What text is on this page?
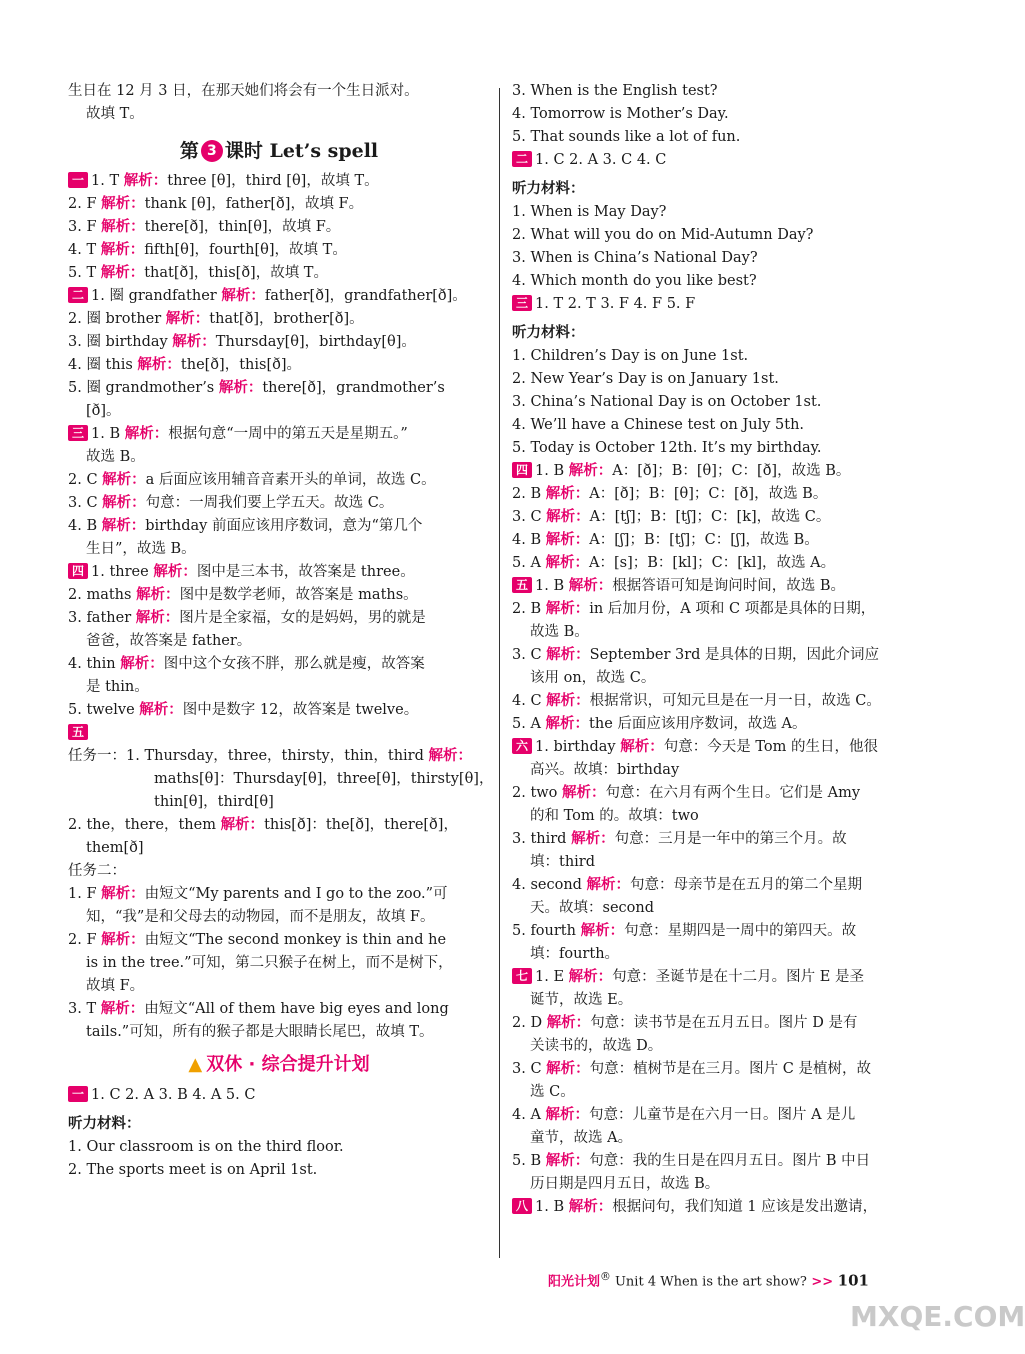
生日在 12 月 3 日，在那天她们将会有一个生日派对。
故填 T。
第 3 课时 Let’s spell
一 1. T 解析：three [θ]，third [θ]，故填 T。
2. F 解析：thank [θ]，father[ð]，故填 F。
3. F 解析：there[ð]，thin[θ]，故填 F。
4. T 解析：fifth[θ]，fourth[θ]，故填 T。
5. T 解析：that[ð]，this[ð]，故填 T。
二 1. 圈 grandfather 解析：father[ð]，grandfather[ð]。
2. 圈 brother 解析：that[ð]，brother[ð]。
3. 圈 birthday 解析：Thursday[θ]，birthday[θ]。
4. 圈 this 解析：the[ð]，this[ð]。
5. 圈 grandmother’s 解析：there[ð]，grandmother’s
[ð]。
三 1. B 解析：根据句意“一周中的第五天是星期五。”
故选 B。
2. C 解析：a 后面应该用辅音音素开头的单词，故选 C。
3. C 解析：句意：一周我们要上学五天。故选 C。
4. B 解析：birthday 前面应该用序数词，意为“第几个
生日”，故选 B。
四 1. three 解析：图中是三本书，故答案是 three。
2. maths 解析：图中是数学老师，故答案是 maths。
3. father 解析：图片是全家福，女的是妈妈，男的就是
爸爸，故答案是 father。
4. thin 解析：图中这个女孩不胖，那么就是瘦，故答案
是 thin。
5. twelve 解析：图中是数字 12，故答案是 twelve。
五
任务一：1. Thursday，three，thirsty，thin，third 解析：
maths[θ]：Thursday[θ]，three[θ]，thirsty[θ]，
thin[θ]，third[θ]
2. the，there，them 解析：this[ð]：the[ð]，there[ð]，
them[ð]
任务二：
1. F 解析：由短文“My parents and I go to the zoo.”可
知，“我”是和父母去的动物园，而不是朋友，故填 F。
2. F 解析：由短文“The second monkey is thin and he
is in the tree.”可知，第二只猴子在树上，而不是树下，
故填 F。
3. T 解析：由短文“All of them have big eyes and long
tails.”可知，所有的猴子都是大眼睛长尾巴，故填 T。
▲ 双休 · 综合提升计划
一 1. C 2. A 3. B 4. A 5. C
听力材料：
1. Our classroom is on the third floor.
2. The sports meet is on April 1st.
3. When is the English test?
4. Tomorrow is Mother’s Day.
5. That sounds like a lot of fun.
二 1. C 2. A 3. C 4. C
听力材料：
1. When is May Day?
2. What will you do on Mid-Autumn Day?
3. When is China’s National Day?
4. Which month do you like best?
三 1. T 2. T 3. F 4. F 5. F
听力材料：
1. Children’s Day is on June 1st.
2. New Year’s Day is on January 1st.
3. China’s National Day is on October 1st.
4. We’ll have a Chinese test on July 5th.
5. Today is October 12th. It’s my birthday.
四 1. B 解析：A：[ð]；B：[θ]；C：[ð]，故选 B。
2. B 解析：A：[ð]；B：[θ]；C：[ð]，故选 B。
3. C 解析：A：[tʃ]；B：[tʃ]；C：[k]，故选 C。
4. B 解析：A：[ʃ]；B：[tʃ]；C：[ʃ]，故选 B。
5. A 解析：A：[s]；B：[kl]；C：[kl]，故选 A。
五 1. B 解析：根据答语可知是询问时间，故选 B。
2. B 解析：in 后加月份，A 项和 C 项都是具体的日期，
故选 B。
3. C 解析：September 3rd 是具体的日期，因此介词应
该用 on，故选 C。
4. C 解析：根据常识，可知元旦是在一月一日，故选 C。
5. A 解析：the 后面应该用序数词，故选 A。
六 1. birthday 解析：句意：今天是 Tom 的生日，他很
高兴。故填：birthday
2. two 解析：句意：在六月有两个生日。它们是 Amy
的和 Tom 的。故填：two
3. third 解析：句意：三月是一年中的第三个月。故
填：third
4. second 解析：句意：母亲节是在五月的第二个星期
天。故填：second
5. fourth 解析：句意：星期四是一周中的第四天。故
填：fourth。
七 1. E 解析：句意：圣诞节是在十二月。图片 E 是圣
诞节，故选 E。
2. D 解析：句意：读书节是在五月五日。图片 D 是有
关读书的，故选 D。
3. C 解析：句意：植树节是在三月。图片 C 是植树，故
选 C。
4. A 解析：句意：儿童节是在六月一日。图片 A 是儿
童节，故选 A。
5. B 解析：句意：我的生日是在四月五日。图片 B 中日
历日期是四月五日，故选 B。
八 1. B 解析：根据问句，我们知道 1 应该是发出邀请，
阳光计划® Unit 4 When is the art show? >> 101
MXQE.COM
